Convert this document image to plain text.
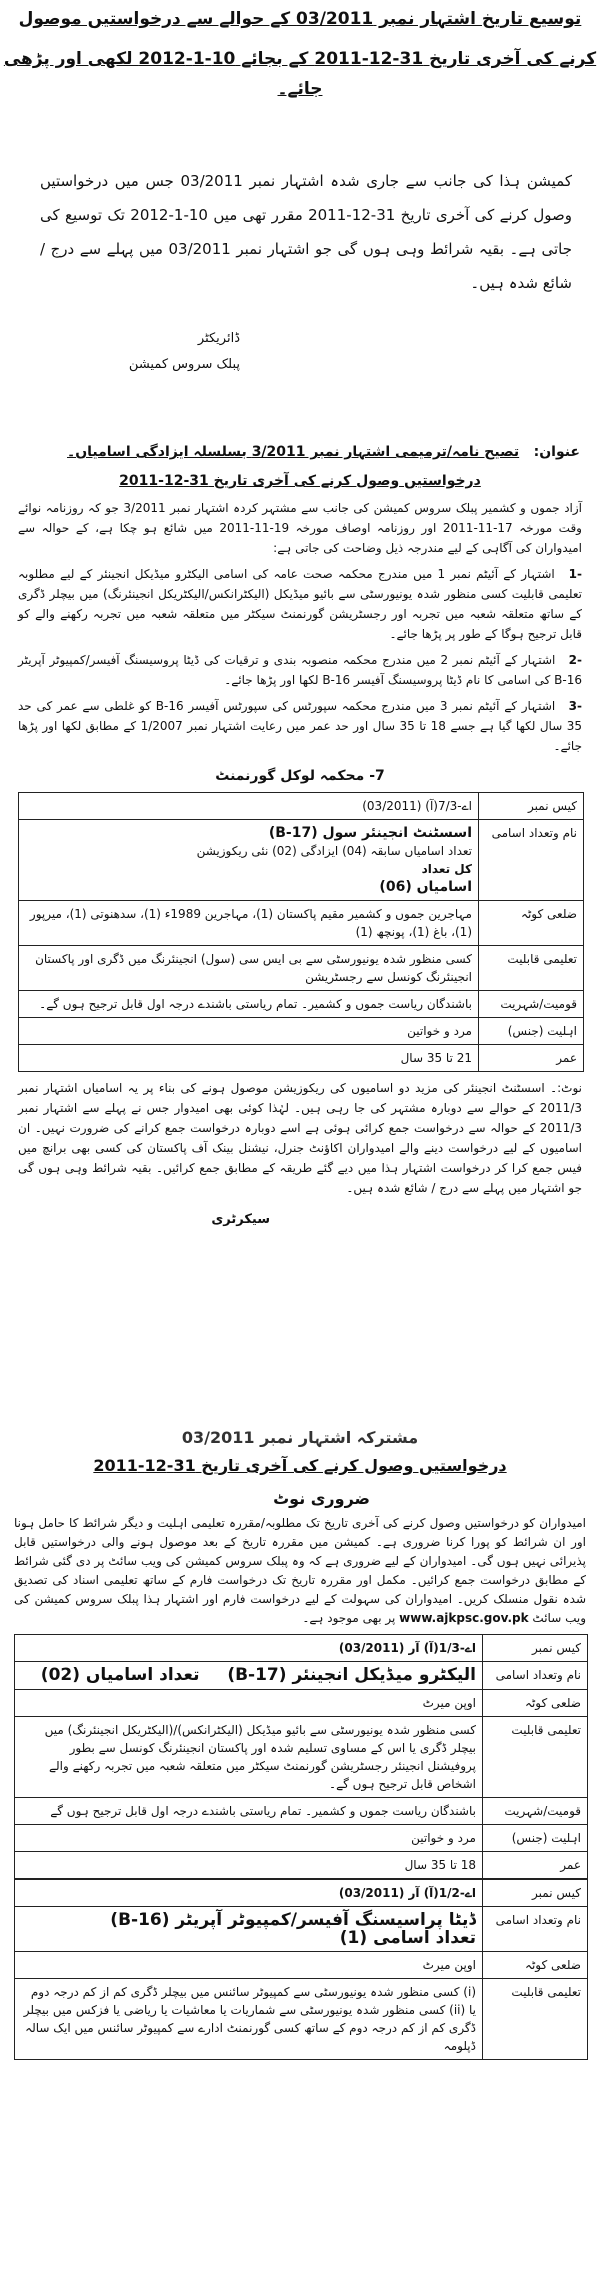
توسیع تاریخ اشتہار نمبر 03/2011 کے حوالے سے درخواستیں موصول
کرنے کی آخری تاریخ 31-12-2011 کے بجائے 10-1-2012 لکھی اور پڑھی جائے۔
کمیشن ہذا کی جانب سے جاری شدہ اشتہار نمبر 03/2011 جس میں درخواستیں وصول کرنے کی آخری تاریخ 31-12-2011 مقرر تھی میں 10-1-2012 تک توسیع کی جاتی ہے۔ بقیہ شرائط وہی ہوں گی جو اشتہار نمبر 03/2011 میں پہلے سے درج / شائع شدہ ہیں۔
ڈائریکٹر
پبلک سروس کمیشن
عنوان: تصیح نامہ/ترمیمی اشتہار نمبر 3/2011 بسلسلہ ایزادگی اسامیاں۔
درخواستیں وصول کرنے کی آخری تاریخ 31-12-2011
آزاد جموں و کشمیر پبلک سروس کمیشن کی جانب سے مشتہر کردہ اشتہار نمبر 3/2011 جو کہ روزنامہ نوائے وقت مورخہ 17-11-2011 اور روزنامہ اوصاف مورخہ 19-11-2011 میں شائع ہو چکا ہے، کے حوالہ سے امیدواران کی آگاہی کے لیے مندرجہ ذیل وضاحت کی جاتی ہے:
-1 اشتہار کے آئیٹم نمبر 1 میں مندرج محکمہ صحت عامہ کی اسامی الیکٹرو میڈیکل انجینئر کے لیے مطلوبہ تعلیمی قابلیت کسی منظور شدہ یونیورسٹی سے بائیو میڈیکل (الیکٹرانکس/الیکٹریکل انجینئرنگ) میں بیچلر ڈگری کے ساتھ متعلقہ شعبہ میں تجربہ اور رجسٹریشن گورنمنٹ سیکٹر میں متعلقہ شعبہ میں تجربہ رکھنے والے کو قابل ترجیح ہوگا کے طور پر پڑھا جائے۔
-2 اشتہار کے آئیٹم نمبر 2 میں مندرج محکمہ منصوبہ بندی و ترقیات کی ڈیٹا پروسیسنگ آفیسر/کمپیوٹر آپریٹر B-16 کی اسامی کا نام ڈیٹا پروسیسنگ آفیسر B-16 لکھا اور پڑھا جائے۔
-3 اشتہار کے آئیٹم نمبر 3 میں مندرج محکمہ سپورٹس کی سپورٹس آفیسر B-16 کو غلطی سے عمر کی حد 35 سال لکھا گیا ہے جسے 18 تا 35 سال اور حد عمر میں رعایت اشتہار نمبر 1/2007 کے مطابق لکھا اور پڑھا جائے۔
7- محکمہ لوکل گورنمنٹ
کیس نمبر	اے-7/3(آ) (03/2011)
نام وتعداد اسامی	اسسٹنٹ انجینئر سول (B-17)
تعداد اسامیاں سابقہ (04) ایزادگی (02) نئی ریکوزیشن
کل تعداد
اسامیاں (06)

ضلعی کوٹہ	مہاجرین جموں و کشمیر مقیم پاکستان (1)، مہاجرین 1989ء (1)، سدھنوتی (1)، میرپور (1)، باغ (1)، پونچھ (1)
تعلیمی قابلیت	کسی منظور شدہ یونیورسٹی سے بی ایس سی (سول) انجینئرنگ میں ڈگری اور پاکستان انجینئرنگ کونسل سے رجسٹریشن
قومیت/شہریت	باشندگان ریاست جموں و کشمیر۔ تمام ریاستی باشندے درجہ اول قابل ترجیح ہوں گے۔
اہلیت (جنس)	مرد و خواتین
عمر	21 تا 35 سال
نوٹ:۔ اسسٹنٹ انجینئر کی مزید دو اسامیوں کی ریکوزیشن موصول ہونے کی بناء پر یہ اسامیاں اشتہار نمبر 2011/3 کے حوالے سے دوبارہ مشتہر کی جا رہی ہیں۔ لہٰذا کوئی بھی امیدوار جس نے پہلے سے اشتہار نمبر 2011/3 کے حوالہ سے درخواست جمع کرائی ہوئی ہے اسے دوبارہ درخواست جمع کرانے کی ضرورت نہیں۔ ان اسامیوں کے لیے درخواست دینے والے امیدواران اکاؤنٹ جنرل، نیشنل بینک آف پاکستان کی کسی بھی برانچ میں فیس جمع کرا کر درخواست اشتہار ہذا میں دیے گئے طریقہ کے مطابق جمع کرائیں۔ بقیہ شرائط وہی ہوں گی جو اشتہار میں پہلے سے درج / شائع شدہ ہیں۔
سیکرٹری
مشترکہ اشتہار نمبر 03/2011
درخواستیں وصول کرنے کی آخری تاریخ 31-12-2011
ضروری نوٹ
امیدواران کو درخواستیں وصول کرنے کی آخری تاریخ تک مطلوبہ/مقررہ تعلیمی اہلیت و دیگر شرائط کا حامل ہونا اور ان شرائط کو پورا کرنا ضروری ہے۔ کمیشن میں مقررہ تاریخ کے بعد موصول ہونے والی درخواستیں قابل پذیرائی نہیں ہوں گی۔ امیدواران کے لیے ضروری ہے کہ وہ پبلک سروس کمیشن کی ویب سائٹ پر دی گئی شرائط کے مطابق درخواست جمع کرائیں۔ مکمل اور مقررہ تاریخ تک درخواست فارم کے ساتھ تعلیمی اسناد کی تصدیق شدہ نقول منسلک کریں۔ امیدواران کی سہولت کے لیے درخواست فارم اور اشتہار ہذا پبلک سروس کمیشن کی ویب سائٹ www.ajkpsc.gov.pk پر بھی موجود ہے۔
کیس نمبر	اے-1/3(آ) آر (03/2011)
نام وتعداد اسامی	الیکٹرو میڈیکل انجینئر (B-17) تعداد اسامیاں (02)
ضلعی کوٹہ	اوپن میرٹ
تعلیمی قابلیت	کسی منظور شدہ یونیورسٹی سے بائیو میڈیکل (الیکٹرانکس)/(الیکٹریکل انجینئرنگ) میں بیچلر ڈگری یا اس کے مساوی تسلیم شدہ اور پاکستان انجینئرنگ کونسل سے بطور پروفیشنل انجینئر رجسٹریشن گورنمنٹ سیکٹر میں متعلقہ شعبہ میں تجربہ رکھنے والے اشخاص قابل ترجیح ہوں گے۔
قومیت/شہریت	باشندگان ریاست جموں و کشمیر۔ تمام ریاستی باشندے درجہ اول قابل ترجیح ہوں گے
اہلیت (جنس)	مرد و خواتین
عمر	18 تا 35 سال
کیس نمبر	اے-1/2(آ) آر (03/2011)
نام وتعداد اسامی	ڈیٹا پراسیسنگ آفیسر/کمپیوٹر آپریٹر (B-16)
تعداد اسامی (1)

ضلعی کوٹہ	اوپن میرٹ
تعلیمی قابلیت	(i) کسی منظور شدہ یونیورسٹی سے کمپیوٹر سائنس میں بیچلر ڈگری کم از کم درجہ دوم یا (ii) کسی منظور شدہ یونیورسٹی سے شماریات یا معاشیات یا ریاضی یا فزکس میں بیچلر ڈگری کم از کم درجہ دوم کے ساتھ کسی گورنمنٹ ادارے سے کمپیوٹر سائنس میں ایک سالہ ڈپلومہ
